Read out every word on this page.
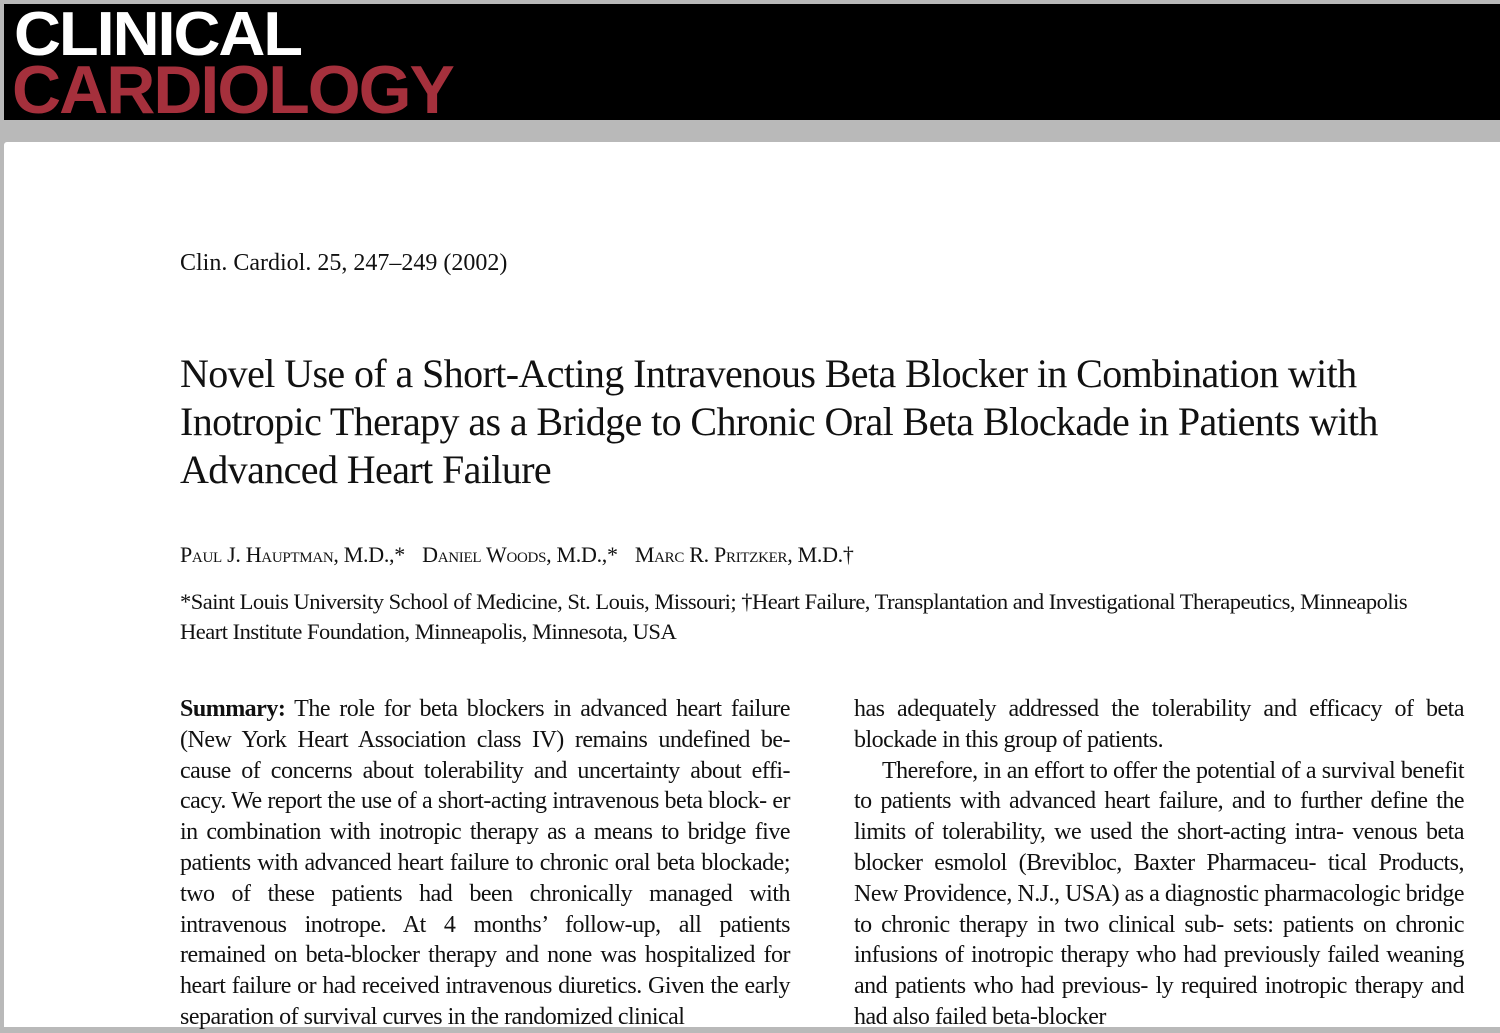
CLINICAL
CARDIOLOGY
Clin. Cardiol. 25, 247–249 (2002)
Novel Use of a Short-Acting Intravenous Beta Blocker in Combination with Inotropic Therapy as a Bridge to Chronic Oral Beta Blockade in Patients with Advanced Heart Failure
Paul J. Hauptman, M.D.,* Daniel Woods, M.D.,* Marc R. Pritzker, M.D.†
*Saint Louis University School of Medicine, St. Louis, Missouri; †Heart Failure, Transplantation and Investigational Therapeutics, Minneapolis Heart Institute Foundation, Minneapolis, Minnesota, USA

Summary: The role for beta blockers in advanced heart failure (New York Heart Association class IV) remains undefined be- cause of concerns about tolerability and uncertainty about effi- cacy. We report the use of a short-acting intravenous beta block- er in combination with inotropic therapy as a means to bridge five patients with advanced heart failure to chronic oral beta blockade; two of these patients had been chronically managed with intravenous inotrope. At 4 months’ follow-up, all patients remained on beta-blocker therapy and none was hospitalized for heart failure or had received intravenous diuretics. Given the early separation of survival curves in the randomized clinical

has adequately addressed the tolerability and efficacy of beta blockade in this group of patients.

Therefore, in an effort to offer the potential of a survival benefit to patients with advanced heart failure, and to further define the limits of tolerability, we used the short-acting intra- venous beta blocker esmolol (Brevibloc, Baxter Pharmaceu- tical Products, New Providence, N.J., USA) as a diagnostic pharmacologic bridge to chronic therapy in two clinical sub- sets: patients on chronic infusions of inotropic therapy who had previously failed weaning and patients who had previous- ly required inotropic therapy and had also failed beta-blocker
